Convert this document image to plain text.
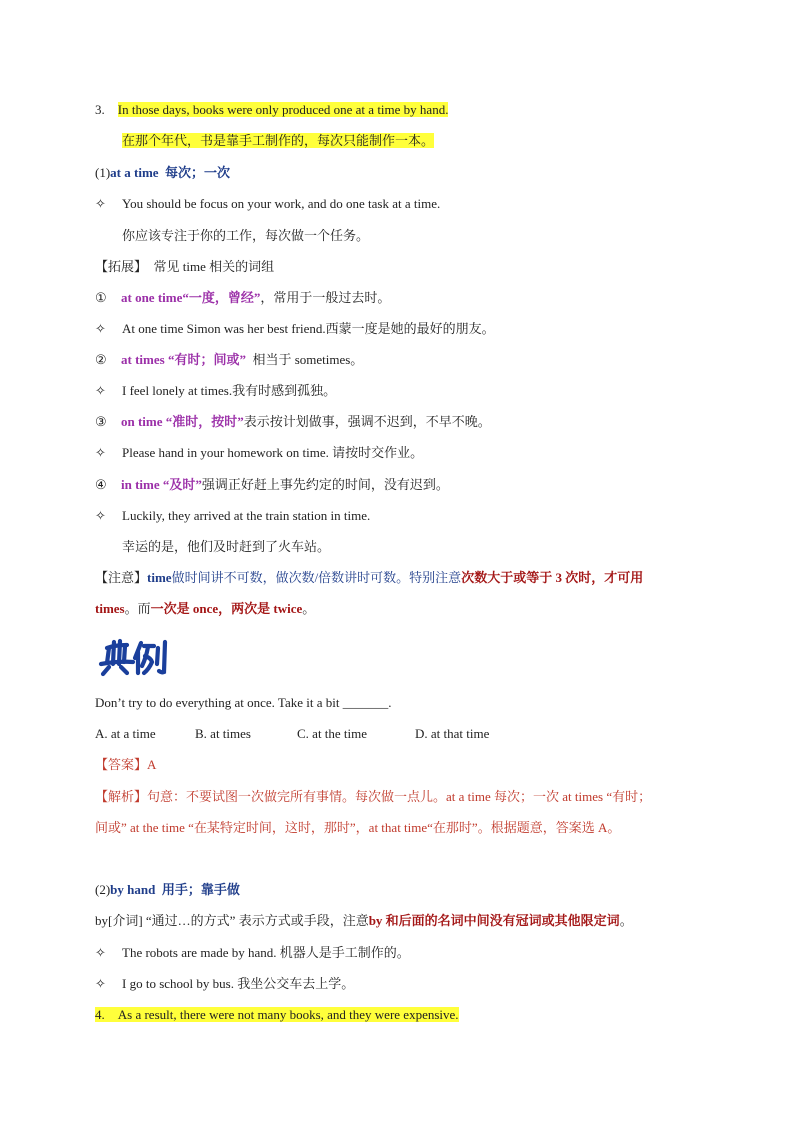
3. In those days, books were only produced one at a time by hand.
在那个年代，书是靠手工制作的，每次只能制作一本。
(1)at a time 每次；一次
✧ You should be focus on your work, and do one task at a time.
你应该专注于你的工作，每次做一个任务。
【拓展】 常见 time 相关的词组
① at one time“一度，曾经”，常用于一般过去时。
✧ At one time Simon was her best friend.西蒙一度是她的最好的朋友。
② at times “有时；间或” 相当于 sometimes。
✧ I feel lonely at times.我有时感到孤独。
③ on time “准时，按时”表示按计划做事，强调不迟到，不早不晚。
✧ Please hand in your homework on time. 请按时交作业。
④ in time “及时”强调正好赶上事先约定的时间，没有迟到。
✧ Luckily, they arrived at the train station in time.
幸运的是，他们及时赶到了火车站。
【注意】time做时间讲不可数，做次数/倍数讲时可数。特别注意次数大于或等于 3 次时，才可用
times。而一次是 once，两次是 twice。
Don’t try to do everything at once. Take it a bit _______.
A. at a time	B. at times	C. at the time	D. at that time
【答案】A
【解析】句意：不要试图一次做完所有事情。每次做一点儿。at a time 每次；一次 at times “有时；
间或” at the time “在某特定时间，这时，那时”，at that time“在那时”。根据题意，答案选 A。
(2)by hand 用手；靠手做
by[介词] “通过…的方式” 表示方式或手段，注意by 和后面的名词中间没有冠词或其他限定词。
✧ The robots are made by hand. 机器人是手工制作的。
✧ I go to school by bus. 我坐公交车去上学。
4. As a result, there were not many books, and they were expensive.
